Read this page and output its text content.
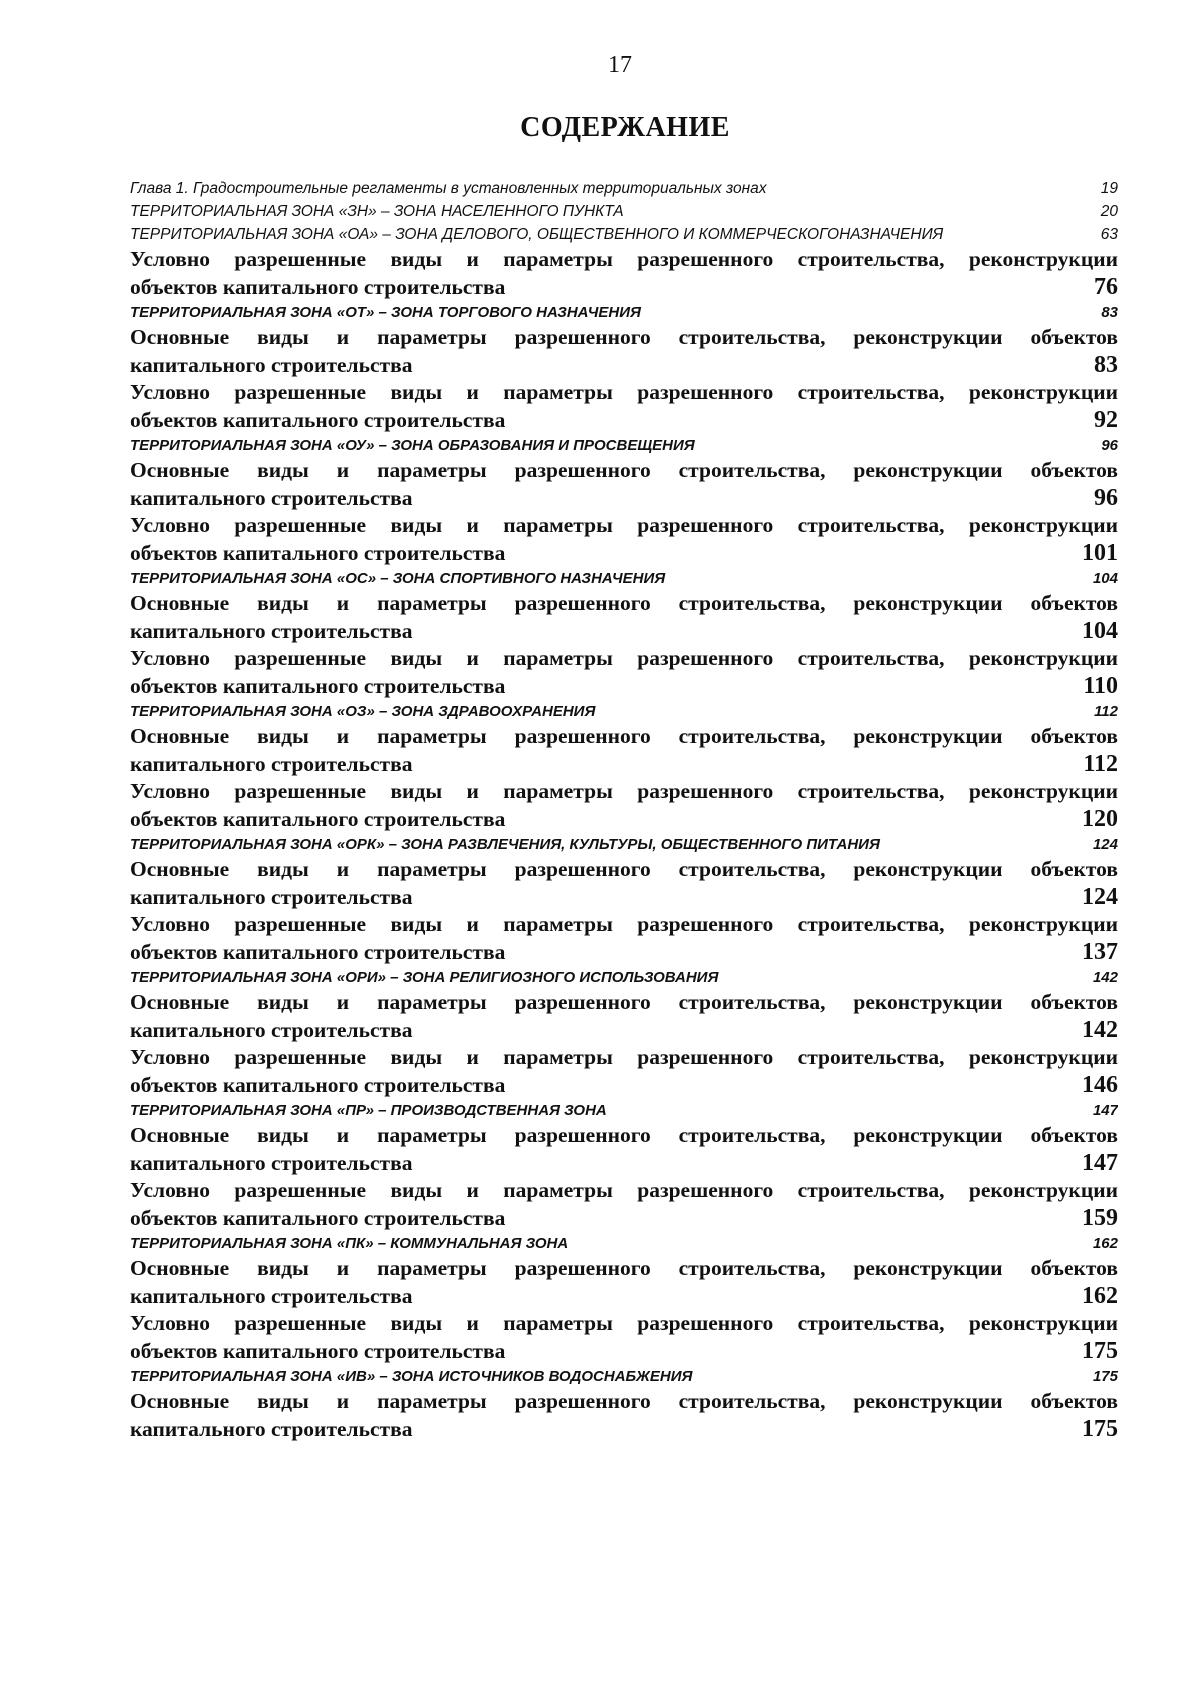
17
СОДЕРЖАНИЕ
Глава 1. Градостроительные регламенты в установленных территориальных зонах	19
ТЕРРИТОРИАЛЬНАЯ ЗОНА «ЗН» – ЗОНА НАСЕЛЕННОГО ПУНКТА	20
ТЕРРИТОРИАЛЬНАЯ ЗОНА «ОА» – ЗОНА ДЕЛОВОГО, ОБЩЕСТВЕННОГО И КОММЕРЧЕСКОГОНАЗНАЧЕНИЯ	63
Условно разрешенные виды и параметры разрешенного строительства, реконструкции
объектов капитального строительства	76
ТЕРРИТОРИАЛЬНАЯ ЗОНА «ОТ» – ЗОНА ТОРГОВОГО НАЗНАЧЕНИЯ	83
Основные виды и параметры разрешенного строительства, реконструкции объектов
капитального строительства	83
Условно разрешенные виды и параметры разрешенного строительства, реконструкции
объектов капитального строительства	92
ТЕРРИТОРИАЛЬНАЯ ЗОНА «ОУ» – ЗОНА ОБРАЗОВАНИЯ И ПРОСВЕЩЕНИЯ	96
Основные виды и параметры разрешенного строительства, реконструкции объектов
капитального строительства	96
Условно разрешенные виды и параметры разрешенного строительства, реконструкции
объектов капитального строительства	101
ТЕРРИТОРИАЛЬНАЯ ЗОНА «ОС» – ЗОНА СПОРТИВНОГО НАЗНАЧЕНИЯ	104
Основные виды и параметры разрешенного строительства, реконструкции объектов
капитального строительства	104
Условно разрешенные виды и параметры разрешенного строительства, реконструкции
объектов капитального строительства	110
ТЕРРИТОРИАЛЬНАЯ ЗОНА «ОЗ» – ЗОНА ЗДРАВООХРАНЕНИЯ	112
Основные виды и параметры разрешенного строительства, реконструкции объектов
капитального строительства	112
Условно разрешенные виды и параметры разрешенного строительства, реконструкции
объектов капитального строительства	120
ТЕРРИТОРИАЛЬНАЯ ЗОНА «ОРК» – ЗОНА РАЗВЛЕЧЕНИЯ, КУЛЬТУРЫ, ОБЩЕСТВЕННОГО ПИТАНИЯ	124
Основные виды и параметры разрешенного строительства, реконструкции объектов
капитального строительства	124
Условно разрешенные виды и параметры разрешенного строительства, реконструкции
объектов капитального строительства	137
ТЕРРИТОРИАЛЬНАЯ ЗОНА «ОРИ» – ЗОНА РЕЛИГИОЗНОГО ИСПОЛЬЗОВАНИЯ	142
Основные виды и параметры разрешенного строительства, реконструкции объектов
капитального строительства	142
Условно разрешенные виды и параметры разрешенного строительства, реконструкции
объектов капитального строительства	146
ТЕРРИТОРИАЛЬНАЯ ЗОНА «ПР» – ПРОИЗВОДСТВЕННАЯ ЗОНА	147
Основные виды и параметры разрешенного строительства, реконструкции объектов
капитального строительства	147
Условно разрешенные виды и параметры разрешенного строительства, реконструкции
объектов капитального строительства	159
ТЕРРИТОРИАЛЬНАЯ ЗОНА «ПК» – КОММУНАЛЬНАЯ ЗОНА	162
Основные виды и параметры разрешенного строительства, реконструкции объектов
капитального строительства	162
Условно разрешенные виды и параметры разрешенного строительства, реконструкции
объектов капитального строительства	175
ТЕРРИТОРИАЛЬНАЯ ЗОНА «ИВ» – ЗОНА ИСТОЧНИКОВ ВОДОСНАБЖЕНИЯ	175
Основные виды и параметры разрешенного строительства, реконструкции объектов
капитального строительства	175
